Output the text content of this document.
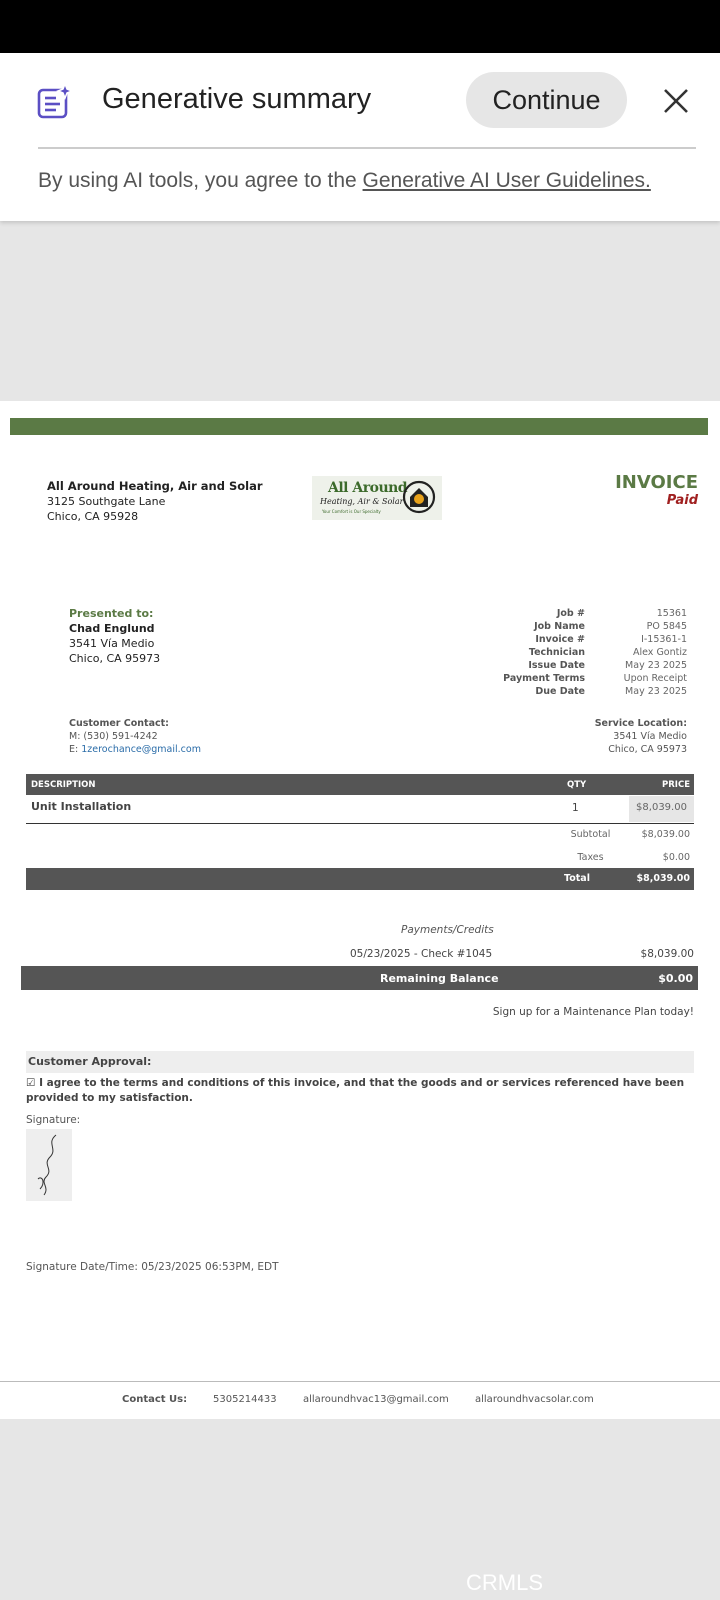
Generative summary	Continue
By using AI tools, you agree to the Generative AI User Guidelines.
All Around Heating, Air and Solar
3125 Southgate Lane
Chico, CA 95928
All Around
Heating, Air & Solar
Your Comfort is Our Specialty
INVOICE
Paid
Presented to:
Chad Englund
3541 Vía Medio
Chico, CA 95973
Job #	15361
Job Name	PO 5845
Invoice #	I-15361-1
Technician	Alex Gontiz
Issue Date	May 23 2025
Payment Terms	Upon Receipt
Due Date	May 23 2025
Customer Contact:
M: (530) 591-4242
E: 1zerochance@gmail.com
Service Location:
3541 Vía Medio
Chico, CA 95973
DESCRIPTION	QTY	PRICE
Unit Installation	1	$8,039.00
Subtotal	$8,039.00
Taxes	$0.00
Total	$8,039.00
Payments/Credits
05/23/2025 - Check #1045	$8,039.00
Remaining Balance	$0.00
Sign up for a Maintenance Plan today!
Customer Approval:
☑ I agree to the terms and conditions of this invoice, and that the goods and or services referenced have been provided to my satisfaction.
Signature:
Signature Date/Time: 05/23/2025 06:53PM, EDT
Contact Us:	5305214433	allaroundhvac13@gmail.com	allaroundhvacsolar.com
CRMLS
